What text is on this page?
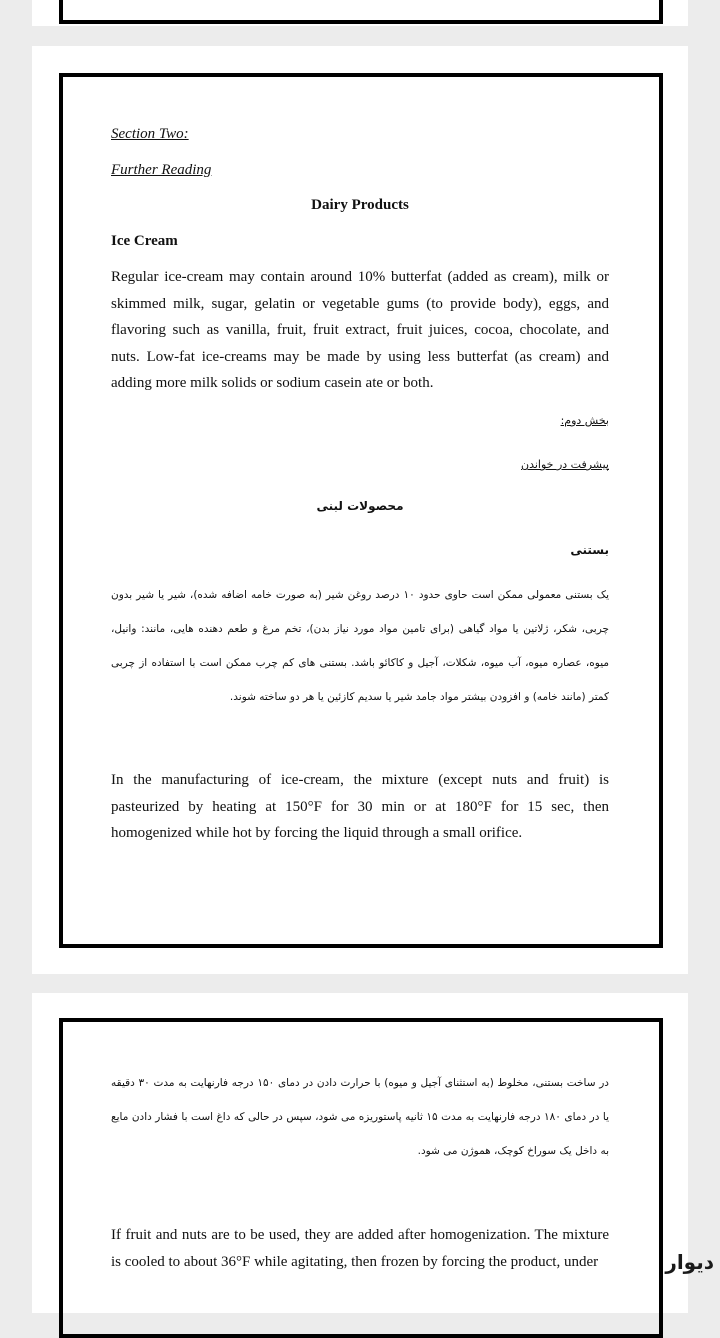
Section Two:

Further Reading

Dairy Products

Ice Cream

Regular ice-cream may contain around 10% butterfat (added as cream), milk or skimmed milk, sugar, gelatin or vegetable gums (to provide body), eggs, and flavoring such as vanilla, fruit, fruit extract, fruit juices, cocoa, chocolate, and nuts. Low-fat ice-creams may be made by using less butterfat (as cream) and adding more milk solids or sodium casein ate or both.

بخش دوم:

پیشرفت در خواندن

محصولات لبنی

بستنی

یک بستنی معمولی ممکن است حاوی حدود ۱۰ درصد روغن شیر (به صورت خامه اضافه شده)، شیر یا شیر بدون چربی، شکر، ژلاتین یا مواد گیاهی (برای تامین مواد مورد نیاز بدن)، تخم مرغ و طعم دهنده هایی، مانند: وانیل، میوه، عصاره میوه، آب میوه، شکلات، آجیل و کاکائو باشد. بستنی های کم چرب ممکن است با استفاده از چربی کمتر (مانند خامه) و افزودن بیشتر مواد جامد شیر یا سدیم کازئین یا هر دو ساخته شوند.

In the manufacturing of ice-cream, the mixture (except nuts and fruit) is pasteurized by heating at 150°F for 30 min or at 180°F for 15 sec, then homogenized while hot by forcing the liquid through a small orifice.

در ساخت بستنی، مخلوط (به استثنای آجیل و میوه) با حرارت دادن در دمای ۱۵۰ درجه فارنهایت به مدت ۳۰ دقیقه یا در دمای ۱۸۰ درجه فارنهایت به مدت ۱۵ ثانیه پاستوریزه می شود، سپس در حالی که داغ است با فشار دادن مایع به داخل یک سوراخ کوچک، هموژن می شود.

If fruit and nuts are to be used, they are added after homogenization. The mixture is cooled to about 36°F while agitating, then frozen by forcing the product, under	دیوار
